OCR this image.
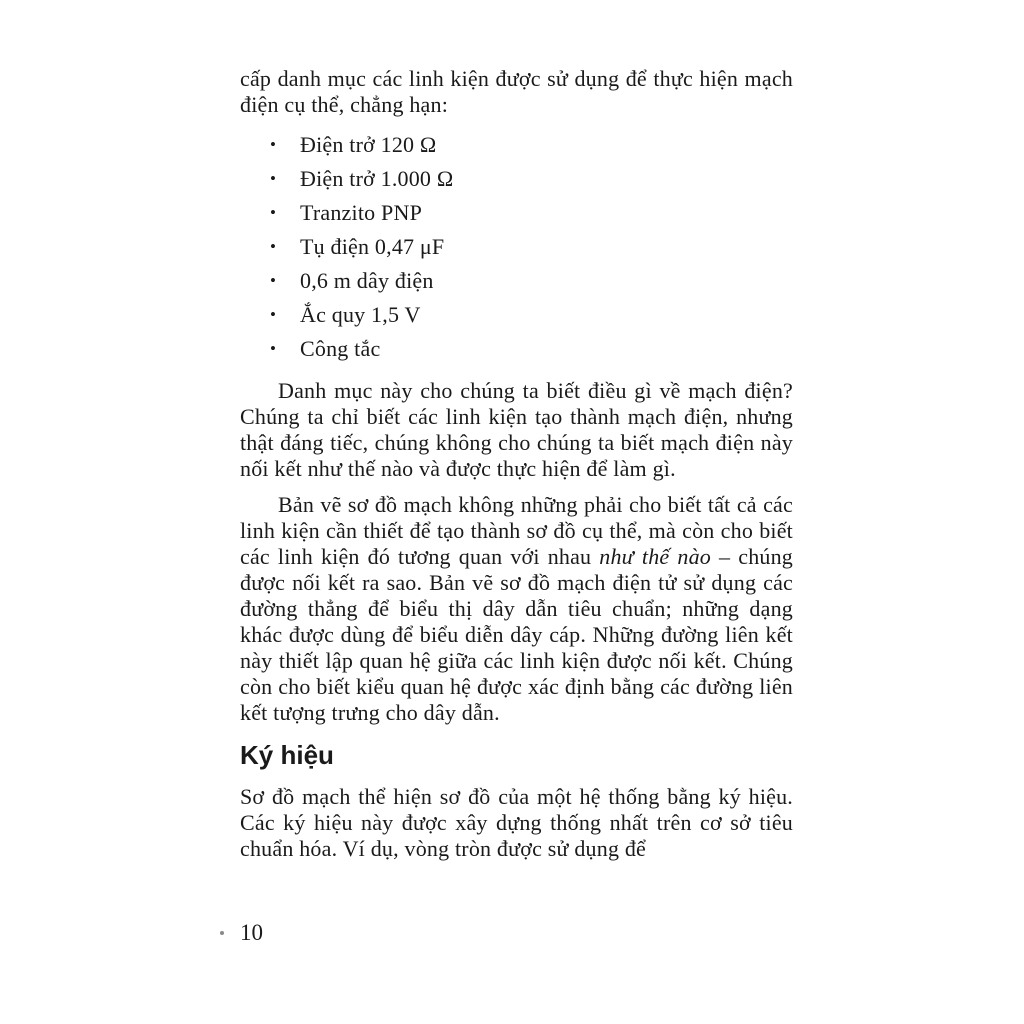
cấp danh mục các linh kiện được sử dụng để thực hiện mạch điện cụ thể, chẳng hạn:

• Điện trở 120 Ω
• Điện trở 1.000 Ω
• Tranzito PNP
• Tụ điện 0,47 μF
• 0,6 m dây điện
• Ắc quy 1,5 V
• Công tắc

Danh mục này cho chúng ta biết điều gì về mạch điện? Chúng ta chỉ biết các linh kiện tạo thành mạch điện, nhưng thật đáng tiếc, chúng không cho chúng ta biết mạch điện này nối kết như thế nào và được thực hiện để làm gì.

Bản vẽ sơ đồ mạch không những phải cho biết tất cả các linh kiện cần thiết để tạo thành sơ đồ cụ thể, mà còn cho biết các linh kiện đó tương quan với nhau như thế nào – chúng được nối kết ra sao. Bản vẽ sơ đồ mạch điện tử sử dụng các đường thẳng để biểu thị dây dẫn tiêu chuẩn; những dạng khác được dùng để biểu diễn dây cáp. Những đường liên kết này thiết lập quan hệ giữa các linh kiện được nối kết. Chúng còn cho biết kiểu quan hệ được xác định bằng các đường liên kết tượng trưng cho dây dẫn.

Ký hiệu

Sơ đồ mạch thể hiện sơ đồ của một hệ thống bằng ký hiệu. Các ký hiệu này được xây dựng thống nhất trên cơ sở tiêu chuẩn hóa. Ví dụ, vòng tròn được sử dụng để

10
